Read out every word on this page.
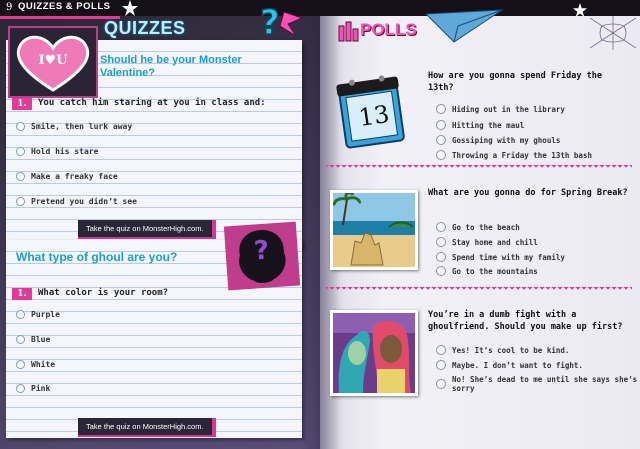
9 QUIZZES & POLLS
QUIZZES ?	POLLS
I♥U	Should he be your Monster Valentine?
1.	You catch him staring at you in class and:
Smile, then lurk away
Hold his stare
Make a freaky face
Pretend you didn’t see
Take the quiz on MonsterHigh.com.
?
What type of ghoul are you?
1.	What color is your room?
Purple
Blue
White
Pink
Take the quiz on MonsterHigh.com.
13
How are you gonna spend Friday the 13th?
Hiding out in the library
Hitting the maul
Gossiping with my ghouls
Throwing a Friday the 13th bash
What are you gonna do for Spring Break?
Go to the beach
Stay home and chill
Spend time with my family
Go to the mountains
You’re in a dumb fight with a ghoulfriend. Should you make up first?
Yes! It’s cool to be kind.
Maybe. I don’t want to fight.
No! She’s dead to me until she says she’s sorry
